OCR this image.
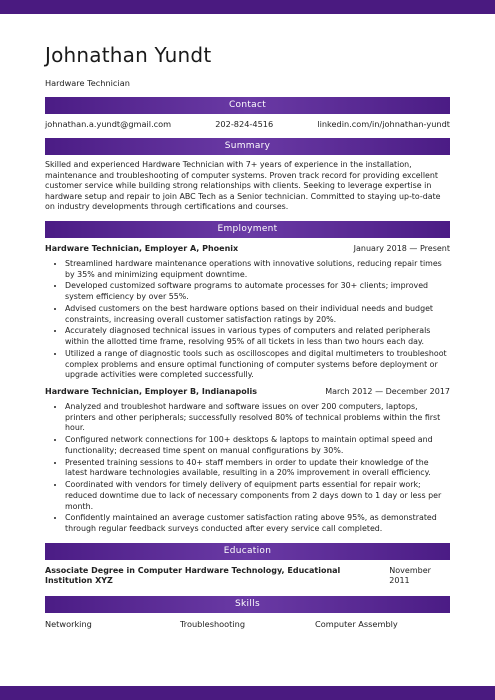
Johnathan Yundt
Hardware Technician
Contact
johnathan.a.yundt@gmail.com	202-824-4516	linkedin.com/in/johnathan-yundt
Summary
Skilled and experienced Hardware Technician with 7+ years of experience in the installation, maintenance and troubleshooting of computer systems. Proven track record for providing excellent customer service while building strong relationships with clients. Seeking to leverage expertise in hardware setup and repair to join ABC Tech as a Senior technician. Committed to staying up-to-date on industry developments through certifications and courses.
Employment
Hardware Technician, Employer A, Phoenix	January 2018 — Present
• Streamlined hardware maintenance operations with innovative solutions, reducing repair times by 35% and minimizing equipment downtime.
• Developed customized software programs to automate processes for 30+ clients; improved system efficiency by over 55%.
• Advised customers on the best hardware options based on their individual needs and budget constraints, increasing overall customer satisfaction ratings by 20%.
• Accurately diagnosed technical issues in various types of computers and related peripherals within the allotted time frame, resolving 95% of all tickets in less than two hours each day.
• Utilized a range of diagnostic tools such as oscilloscopes and digital multimeters to troubleshoot complex problems and ensure optimal functioning of computer systems before deployment or upgrade activities were completed successfully.
Hardware Technician, Employer B, Indianapolis	March 2012 — December 2017
• Analyzed and troubleshot hardware and software issues on over 200 computers, laptops, printers and other peripherals; successfully resolved 80% of technical problems within the first hour.
• Configured network connections for 100+ desktops & laptops to maintain optimal speed and functionality; decreased time spent on manual configurations by 30%.
• Presented training sessions to 40+ staff members in order to update their knowledge of the latest hardware technologies available, resulting in a 20% improvement in overall efficiency.
• Coordinated with vendors for timely delivery of equipment parts essential for repair work; reduced downtime due to lack of necessary components from 2 days down to 1 day or less per month.
• Confidently maintained an average customer satisfaction rating above 95%, as demonstrated through regular feedback surveys conducted after every service call completed.
Education
Associate Degree in Computer Hardware Technology, Educational Institution XYZ
November 2011
Skills
Networking	Troubleshooting	Computer Assembly
